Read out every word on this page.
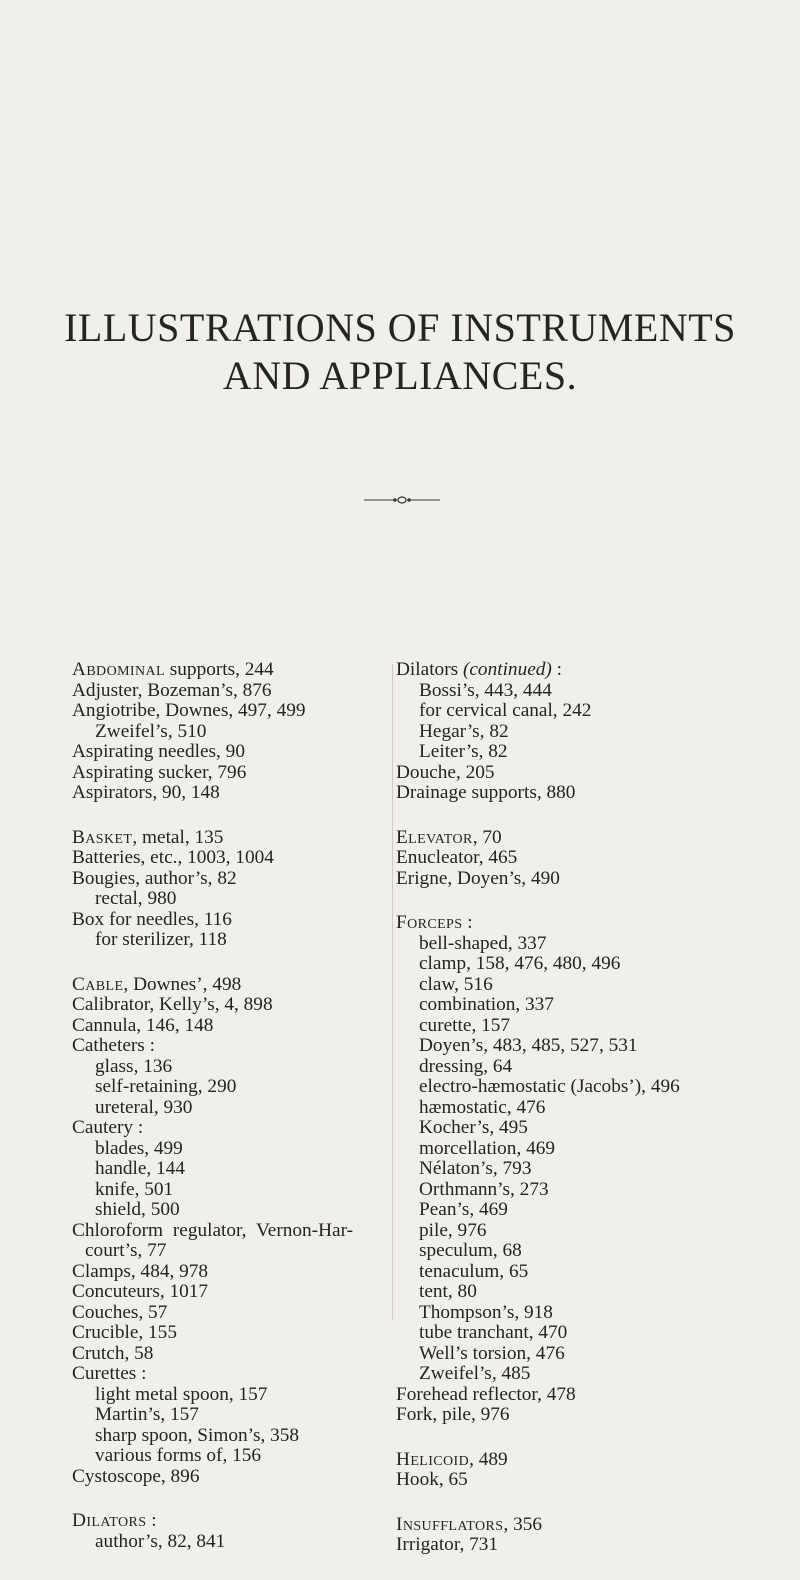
ILLUSTRATIONS OF INSTRUMENTS
AND APPLIANCES.
Abdominal supports, 244
Adjuster, Bozeman’s, 876
Angiotribe, Downes, 497, 499
Zweifel’s, 510
Aspirating needles, 90
Aspirating sucker, 796
Aspirators, 90, 148
Basket, metal, 135
Batteries, etc., 1003, 1004
Bougies, author’s, 82
rectal, 980
Box for needles, 116
for sterilizer, 118
Cable, Downes’, 498
Calibrator, Kelly’s, 4, 898
Cannula, 146, 148
Catheters :
glass, 136
self-retaining, 290
ureteral, 930
Cautery :
blades, 499
handle, 144
knife, 501
shield, 500
Chloroform regulator, Vernon-Har-
court’s, 77
Clamps, 484, 978
Concuteurs, 1017
Couches, 57
Crucible, 155
Crutch, 58
Curettes :
light metal spoon, 157
Martin’s, 157
sharp spoon, Simon’s, 358
various forms of, 156
Cystoscope, 896
Dilators :
author’s, 82, 841
Dilators (continued) :
Bossi’s, 443, 444
for cervical canal, 242
Hegar’s, 82
Leiter’s, 82
Douche, 205
Drainage supports, 880
Elevator, 70
Enucleator, 465
Erigne, Doyen’s, 490
Forceps :
bell-shaped, 337
clamp, 158, 476, 480, 496
claw, 516
combination, 337
curette, 157
Doyen’s, 483, 485, 527, 531
dressing, 64
electro-hæmostatic (Jacobs’), 496
hæmostatic, 476
Kocher’s, 495
morcellation, 469
Nélaton’s, 793
Orthmann’s, 273
Pean’s, 469
pile, 976
speculum, 68
tenaculum, 65
tent, 80
Thompson’s, 918
tube tranchant, 470
Well’s torsion, 476
Zweifel’s, 485
Forehead reflector, 478
Fork, pile, 976
Helicoid, 489
Hook, 65
Insufflators, 356
Irrigator, 731
